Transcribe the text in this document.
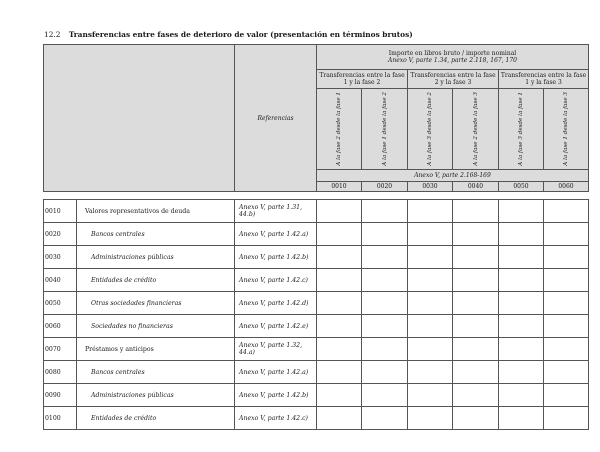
12.2 Transferencias entre fases de deterioro de valor (presentación en términos brutos)
		Referencias	Importe en libros bruto / importe nominal
Anexo V, parte 1.34, parte 2.118, 167, 170					

			Transferencias entre la fase 1 y la fase 2		Transferencias entre la fase 2 y la fase 3		Transferencias entre la fase 1 y la fase 3	

			A la fase 2 desde la fase 1	A la fase 1 desde la fase 2	A la fase 3 desde la fase 2	A la fase 2 desde la fase 3	A la fase 3 desde la fase 1	A la fase 1 desde la fase 3

			Anexo V, parte 2.168-169					
			0010	0020	0030	0040	0050	0060

0010	Valores representativos de deuda	Anexo V, parte 1.31, 44.b)						
0020	Bancos centrales	Anexo V, parte 1.42.a)						
0030	Administraciones públicas	Anexo V, parte 1.42.b)						
0040	Entidades de crédito	Anexo V, parte 1.42.c)						
0050	Otras sociedades financieras	Anexo V, parte 1.42.d)						
0060	Sociedades no financieras	Anexo V, parte 1.42.e)						
0070	Préstamos y anticipos	Anexo V, parte 1.32, 44.a)						
0080	Bancos centrales	Anexo V, parte 1.42.a)						
0090	Administraciones públicas	Anexo V, parte 1.42.b)						
0100	Entidades de crédito	Anexo V, parte 1.42.c)						
